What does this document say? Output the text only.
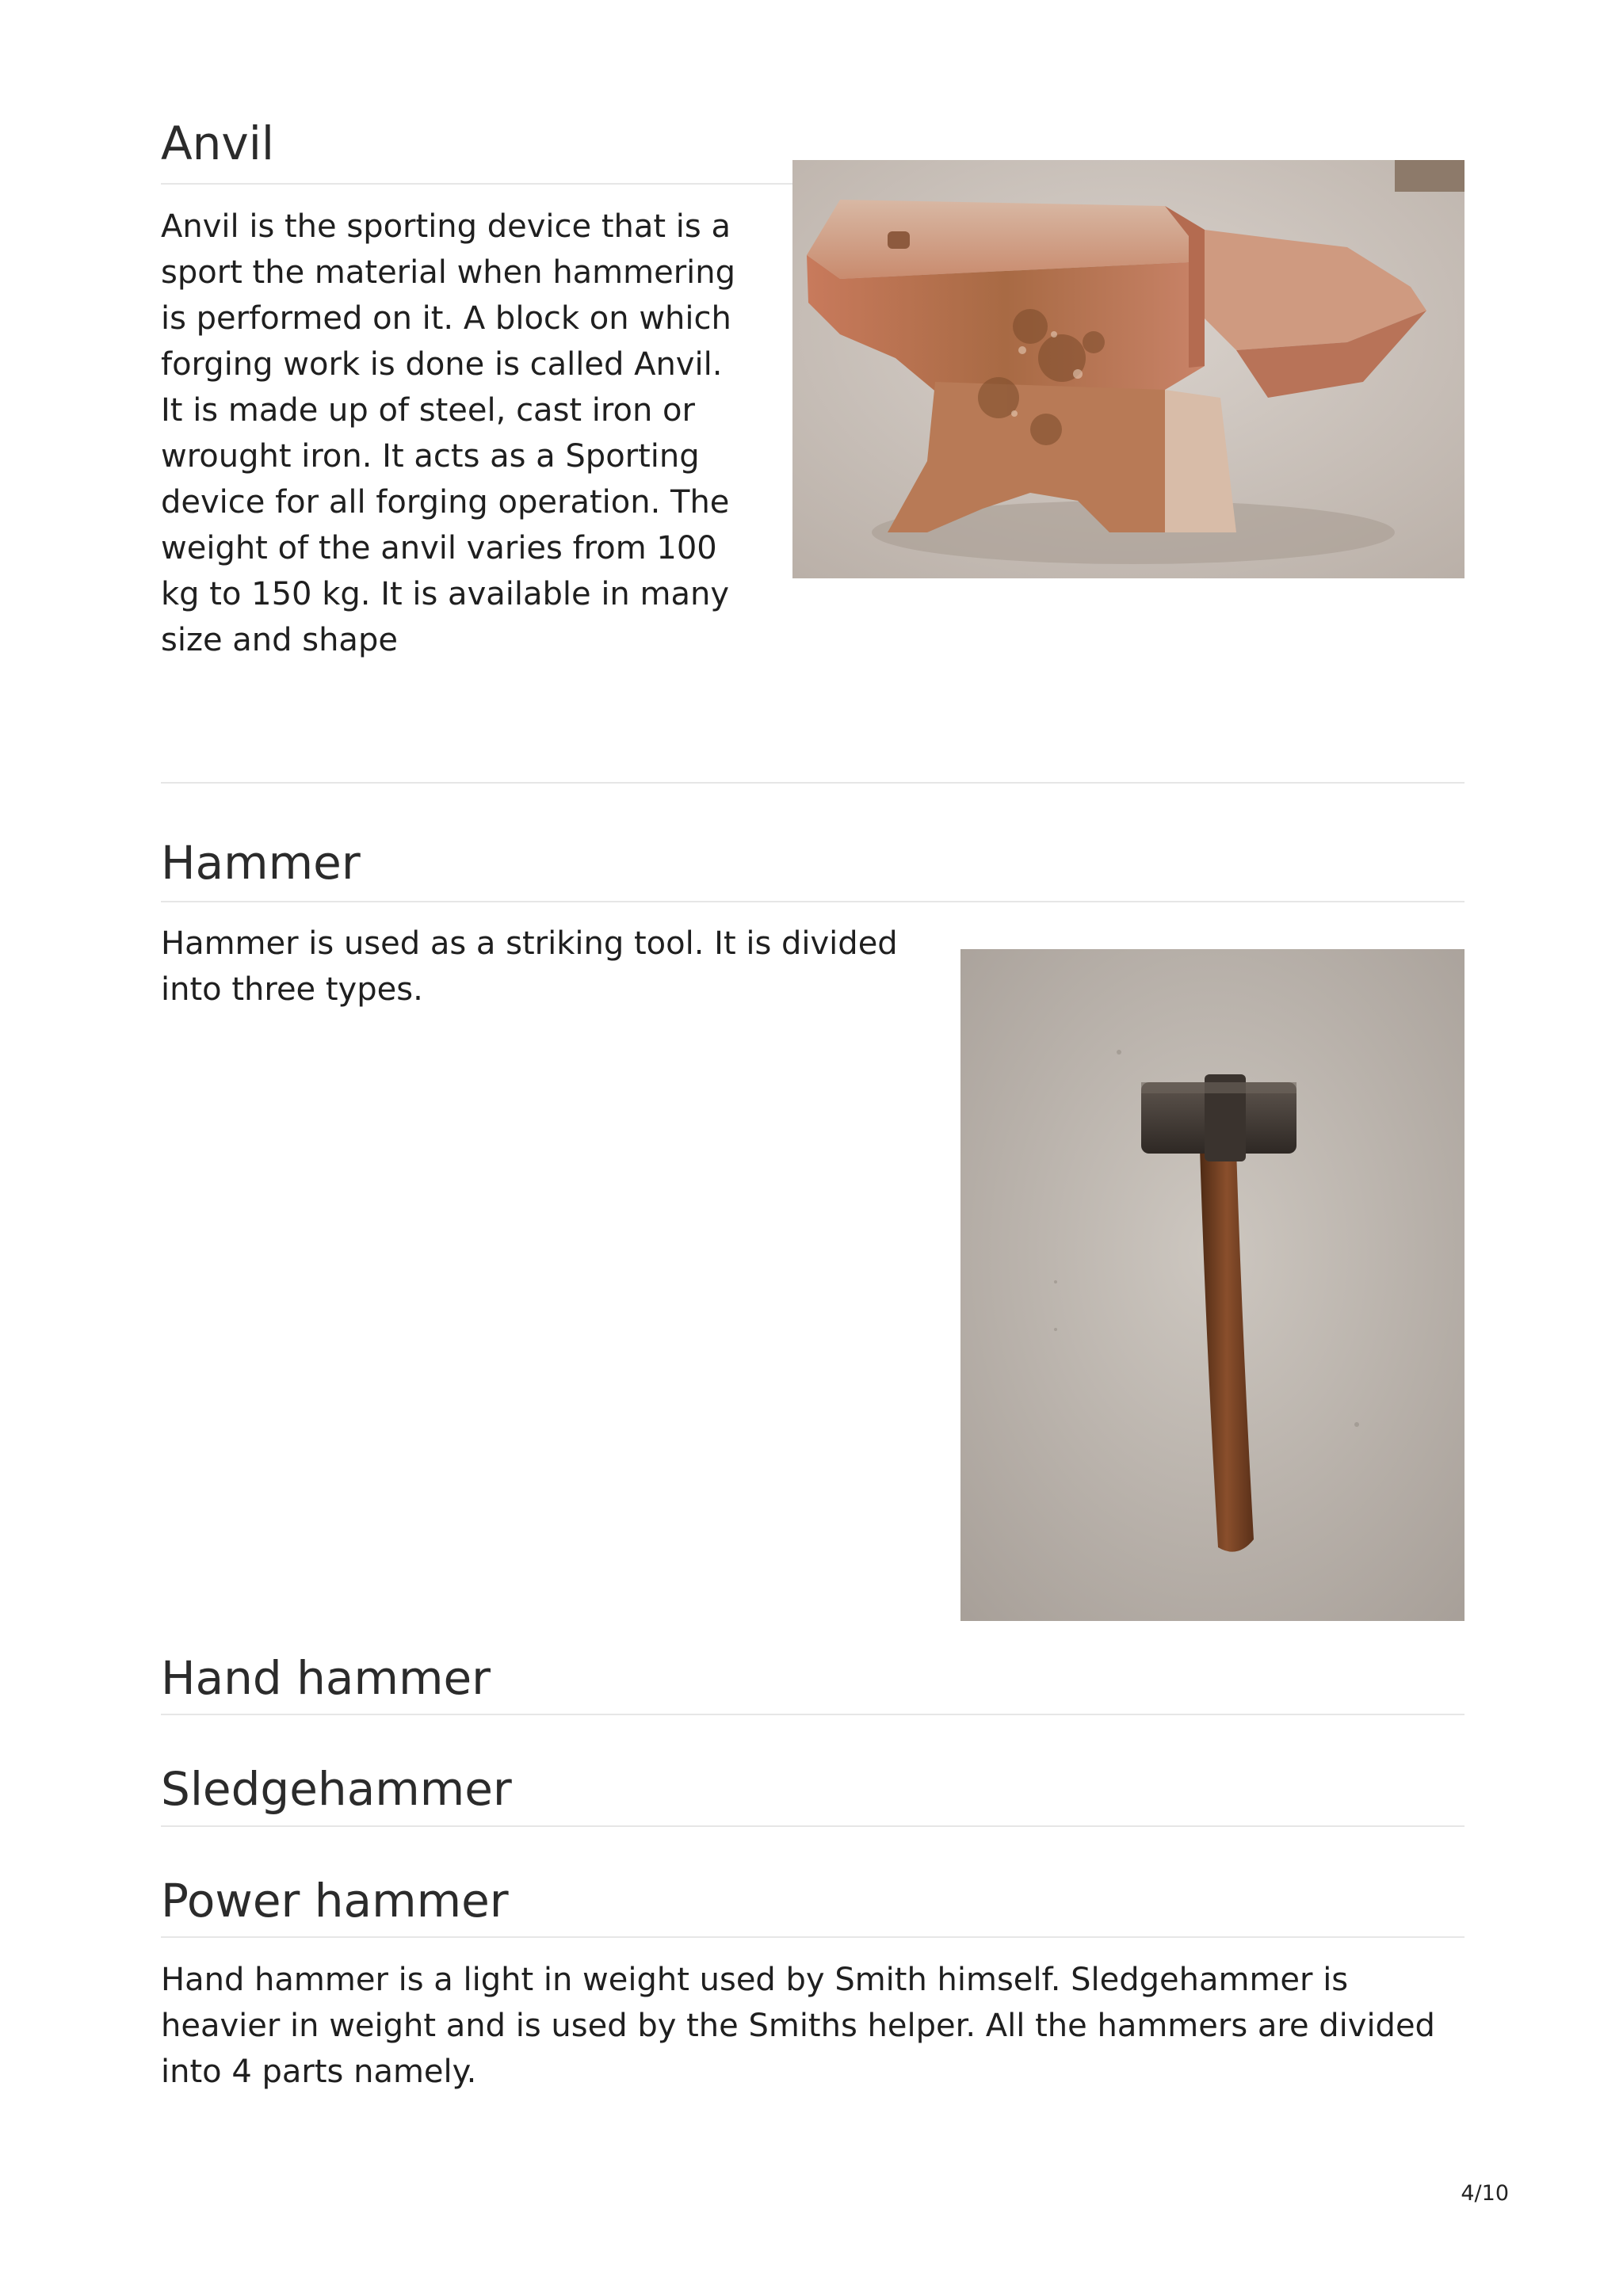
Anvil

Anvil is the sporting device that is a sport the material when hammering is performed on it. A block on which forging work is done is called Anvil. It is made up of steel, cast iron or wrought iron. It acts as a Sporting device for all forging operation. The weight of the anvil varies from 100 kg to 150 kg. It is available in many size and shape

Hammer

Hammer is used as a striking tool. It is divided into three types.

Hand hammer
Sledgehammer
Power hammer

Hand hammer is a light in weight used by Smith himself. Sledgehammer is heavier in weight and is used by the Smiths helper. All the hammers are divided into 4 parts namely.

4/10
